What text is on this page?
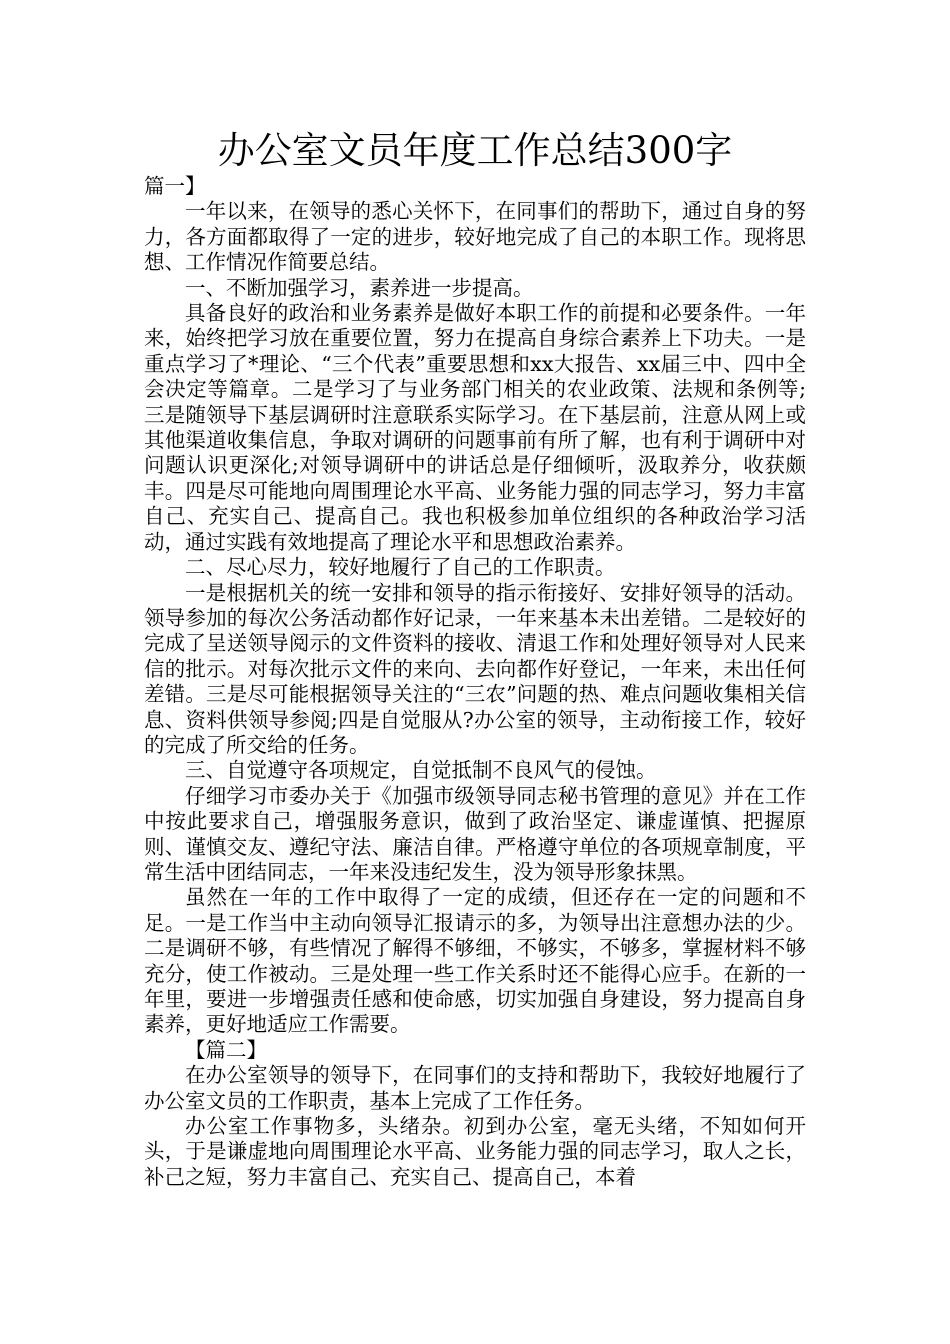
办公室文员年度工作总结300字

篇一】

一年以来，在领导的悉心关怀下，在同事们的帮助下，通过自身的努力，各方面都取得了一定的进步，较好地完成了自己的本职工作。现将思想、工作情况作简要总结。

一、不断加强学习，素养进一步提高。

具备良好的政治和业务素养是做好本职工作的前提和必要条件。一年来，始终把学习放在重要位置，努力在提高自身综合素养上下功夫。一是重点学习了*理论、“三个代表”重要思想和xx大报告、xx届三中、四中全会决定等篇章。二是学习了与业务部门相关的农业政策、法规和条例等;三是随领导下基层调研时注意联系实际学习。在下基层前，注意从网上或其他渠道收集信息，争取对调研的问题事前有所了解，也有利于调研中对问题认识更深化;对领导调研中的讲话总是仔细倾听，汲取养分，收获颇丰。四是尽可能地向周围理论水平高、业务能力强的同志学习，努力丰富自己、充实自己、提高自己。我也积极参加单位组织的各种政治学习活动，通过实践有效地提高了理论水平和思想政治素养。

二、尽心尽力，较好地履行了自己的工作职责。

一是根据机关的统一安排和领导的指示衔接好、安排好领导的活动。领导参加的每次公务活动都作好记录，一年来基本未出差错。二是较好的完成了呈送领导阅示的文件资料的接收、清退工作和处理好领导对人民来信的批示。对每次批示文件的来向、去向都作好登记，一年来，未出任何差错。三是尽可能根据领导关注的“三农”问题的热、难点问题收集相关信息、资料供领导参阅;四是自觉服从?办公室的领导，主动衔接工作，较好的完成了所交给的任务。

三、自觉遵守各项规定，自觉抵制不良风气的侵蚀。

仔细学习市委办关于《加强市级领导同志秘书管理的意见》并在工作中按此要求自己，增强服务意识，做到了政治坚定、谦虚谨慎、把握原则、谨慎交友、遵纪守法、廉洁自律。严格遵守单位的各项规章制度，平常生活中团结同志，一年来没违纪发生，没为领导形象抹黑。

虽然在一年的工作中取得了一定的成绩，但还存在一定的问题和不足。一是工作当中主动向领导汇报请示的多，为领导出注意想办法的少。二是调研不够，有些情况了解得不够细，不够实，不够多，掌握材料不够充分，使工作被动。三是处理一些工作关系时还不能得心应手。在新的一年里，要进一步增强责任感和使命感，切实加强自身建设，努力提高自身素养，更好地适应工作需要。

【篇二】

在办公室领导的领导下，在同事们的支持和帮助下，我较好地履行了办公室文员的工作职责，基本上完成了工作任务。

办公室工作事物多，头绪杂。初到办公室，毫无头绪，不知如何开头，于是谦虚地向周围理论水平高、业务能力强的同志学习，取人之长，补己之短，努力丰富自己、充实自己、提高自己，本着
